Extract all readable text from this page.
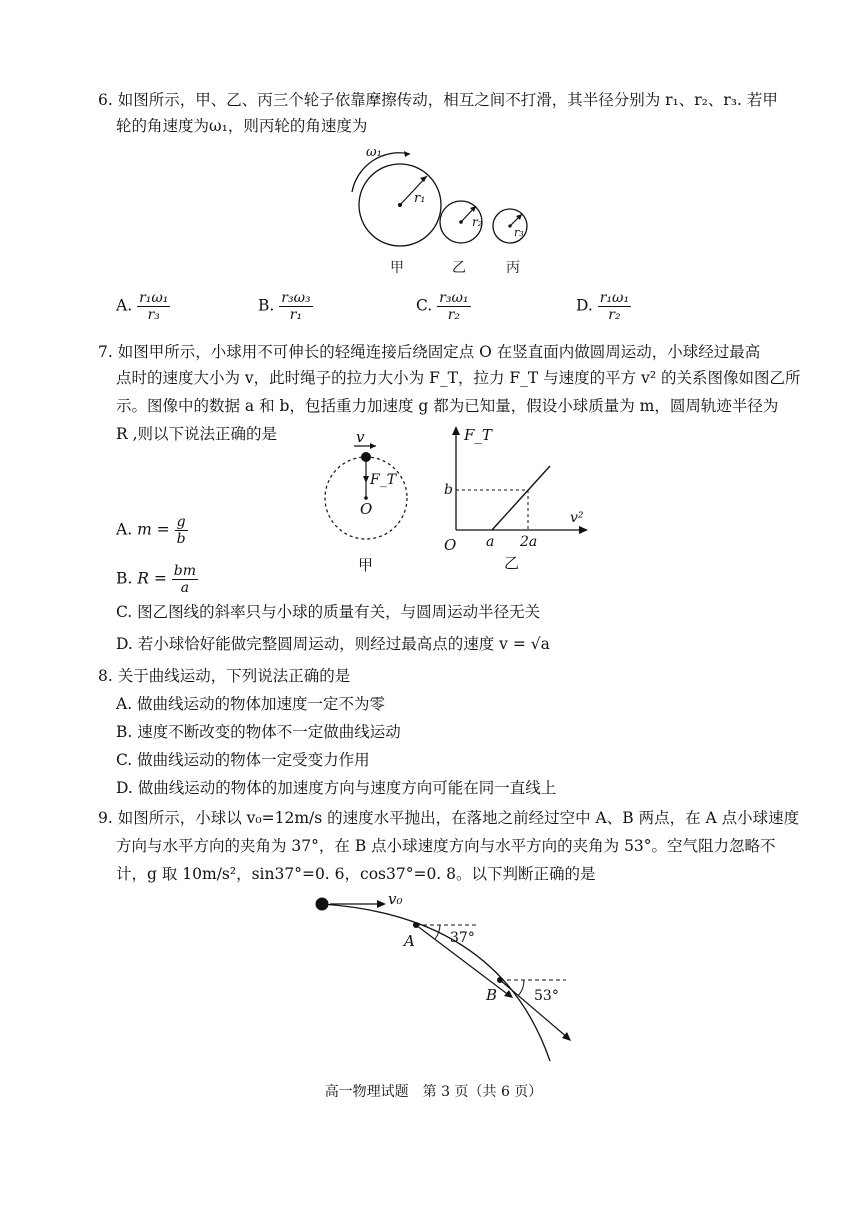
6. 如图所示，甲、乙、丙三个轮子依靠摩擦传动，相互之间不打滑，其半径分别为 r₁、r₂、r₃. 若甲
轮的角速度为ω₁，则丙轮的角速度为
ω₁
r₁
r₂
r₃
甲	乙	丙
A. $\frac{\text{r₁ω₁}}{\text{r₃}}$	B. $\frac{\text{r₃ω₃}}{\text{r₁}}$	C. $\frac{\text{r₃ω₁}}{\text{r₂}}$	D. $\frac{\text{r₁ω₁}}{\text{r₂}}$
7. 如图甲所示，小球用不可伸长的轻绳连接后绕固定点 O 在竖直面内做圆周运动，小球经过最高
点时的速度大小为 v，此时绳子的拉力大小为 F_T，拉力 F_T 与速度的平方 v² 的关系图像如图乙所
示。图像中的数据 a 和 b，包括重力加速度 g 都为已知量，假设小球质量为 m，圆周轨迹半径为
R ,则以下说法正确的是	v
F_T
O
甲
F_T
v²
O
b
a 2a
乙
A. $m = \frac{g}{b}$
B. $R = \frac{bm}{a}$
C. 图乙图线的斜率只与小球的质量有关，与圆周运动半径无关
D. 若小球恰好能做完整圆周运动，则经过最高点的速度 v = √a
8. 关于曲线运动，下列说法正确的是
A. 做曲线运动的物体加速度一定不为零
B. 速度不断改变的物体不一定做曲线运动
C. 做曲线运动的物体一定受变力作用
D. 做曲线运动的物体的加速度方向与速度方向可能在同一直线上
9. 如图所示，小球以 v₀=12m/s 的速度水平抛出，在落地之前经过空中 A、B 两点，在 A 点小球速度
方向与水平方向的夹角为 37°，在 B 点小球速度方向与水平方向的夹角为 53°。空气阻力忽略不
计，g 取 10m/s²，sin37°=0. 6，cos37°=0. 8。以下判断正确的是
v₀
A	37°
B	53°
高一物理试题　第 3 页（共 6 页）
